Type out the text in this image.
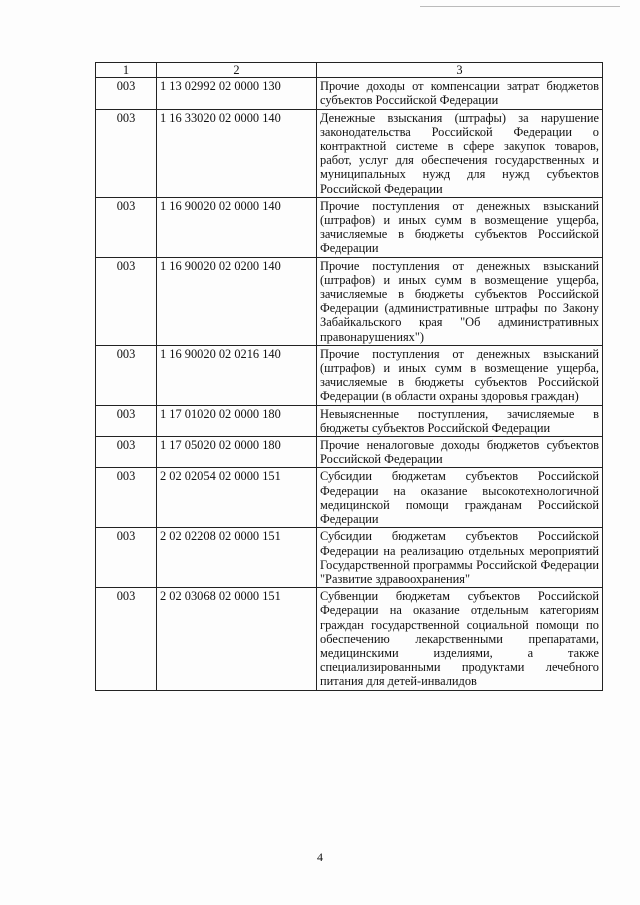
1	2	3
003	1 13 02992 02 0000 130	Прочие доходы от компенсации затрат бюджетов субъектов Российской Федерации
003	1 16 33020 02 0000 140	Денежные взыскания (штрафы) за нарушение законодательства Российской Федерации о контрактной системе в сфере закупок товаров, работ, услуг для обеспечения государственных и муниципальных нужд для нужд субъектов Российской Федерации
003	1 16 90020 02 0000 140	Прочие поступления от денежных взысканий (штрафов) и иных сумм в возмещение ущерба, зачисляемые в бюджеты субъектов Российской Федерации
003	1 16 90020 02 0200 140	Прочие поступления от денежных взысканий (штрафов) и иных сумм в возмещение ущерба, зачисляемые в бюджеты субъектов Российской Федерации (административные штрафы по Закону Забайкальского края "Об административных правонарушениях")
003	1 16 90020 02 0216 140	Прочие поступления от денежных взысканий (штрафов) и иных сумм в возмещение ущерба, зачисляемые в бюджеты субъектов Российской Федерации (в области охраны здоровья граждан)
003	1 17 01020 02 0000 180	Невыясненные поступления, зачисляемые в бюджеты субъектов Российской Федерации
003	1 17 05020 02 0000 180	Прочие неналоговые доходы бюджетов субъектов Российской Федерации
003	2 02 02054 02 0000 151	Субсидии бюджетам субъектов Российской Федерации на оказание высокотехнологичной медицинской помощи гражданам Российской Федерации
003	2 02 02208 02 0000 151	Субсидии бюджетам субъектов Российской Федерации на реализацию отдельных мероприятий Государственной программы Российской Федерации "Развитие здравоохранения"
003	2 02 03068 02 0000 151	Субвенции бюджетам субъектов Российской Федерации на оказание отдельным категориям граждан государственной социальной помощи по обеспечению лекарственными препаратами, медицинскими изделиями, а также специализированными продуктами лечебного питания для детей-инвалидов
4
